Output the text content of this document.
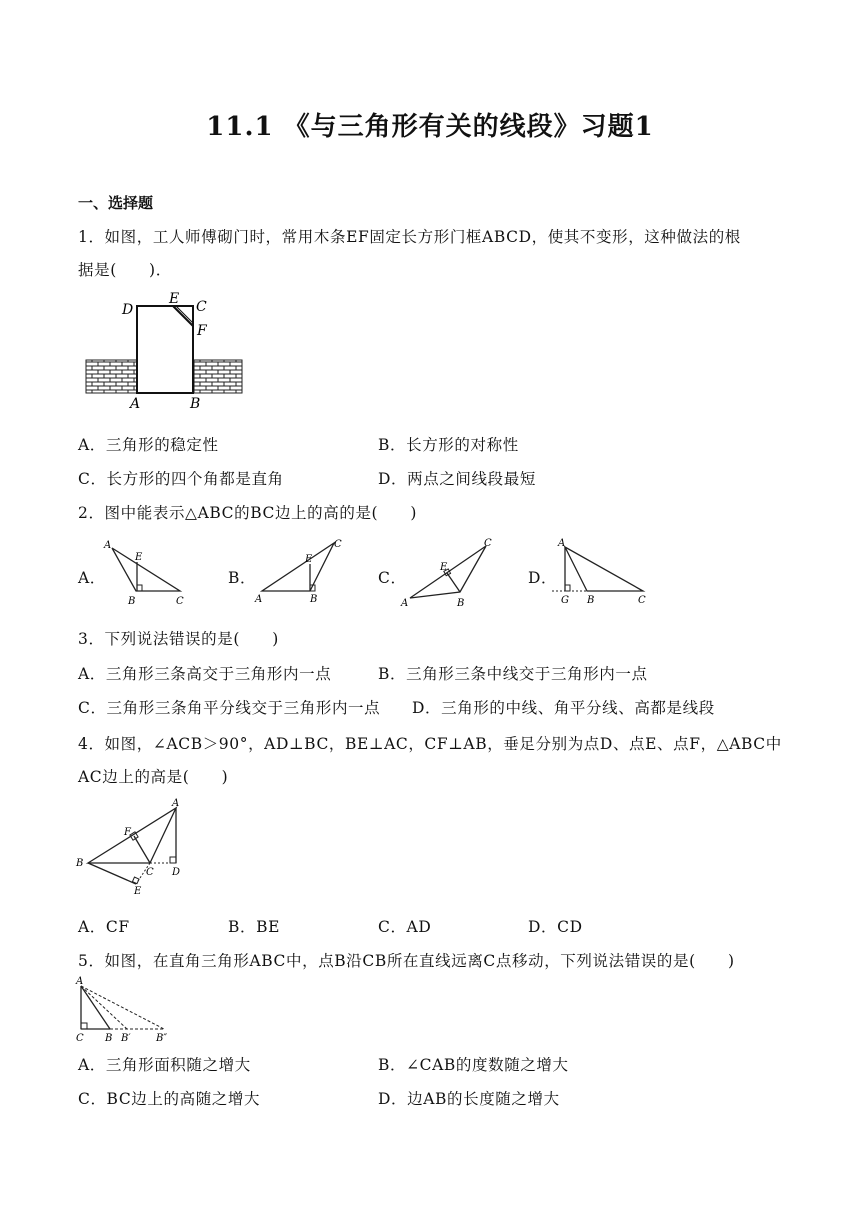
11.1 《与三角形有关的线段》习题1
一、选择题
1．如图，工人师傅砌门时，常用木条EF固定长方形门框ABCD，使其不变形，这种做法的根
据是(　　)．
D
E C
F
A	B
A．三角形的稳定性	B．长方形的对称性
C．长方形的四个角都是直角	D．两点之间线段最短
2．图中能表示△ABC的BC边上的高的是(　　)
A．
A
E
B	C
B．
E
C
A	B
C．
C
E
A	B
D．
A
G B	C
3．下列说法错误的是(　　)
A．三角形三条高交于三角形内一点	B．三角形三条中线交于三角形内一点
C．三角形三条角平分线交于三角形内一点 D．三角形的中线、角平分线、高都是线段
4．如图，∠ACB＞90°，AD⊥BC，BE⊥AC，CF⊥AB，垂足分别为点D、点E、点F，△ABC中
AC边上的高是(　　)
A
F
B
C D
E
A．CF	B．BE	C．AD	D．CD
5．如图，在直角三角形ABC中，点B沿CB所在直线远离C点移动，下列说法错误的是(　　)
A
C B B′	B″
A．三角形面积随之增大	B．∠CAB的度数随之增大
C．BC边上的高随之增大	D．边AB的长度随之增大
